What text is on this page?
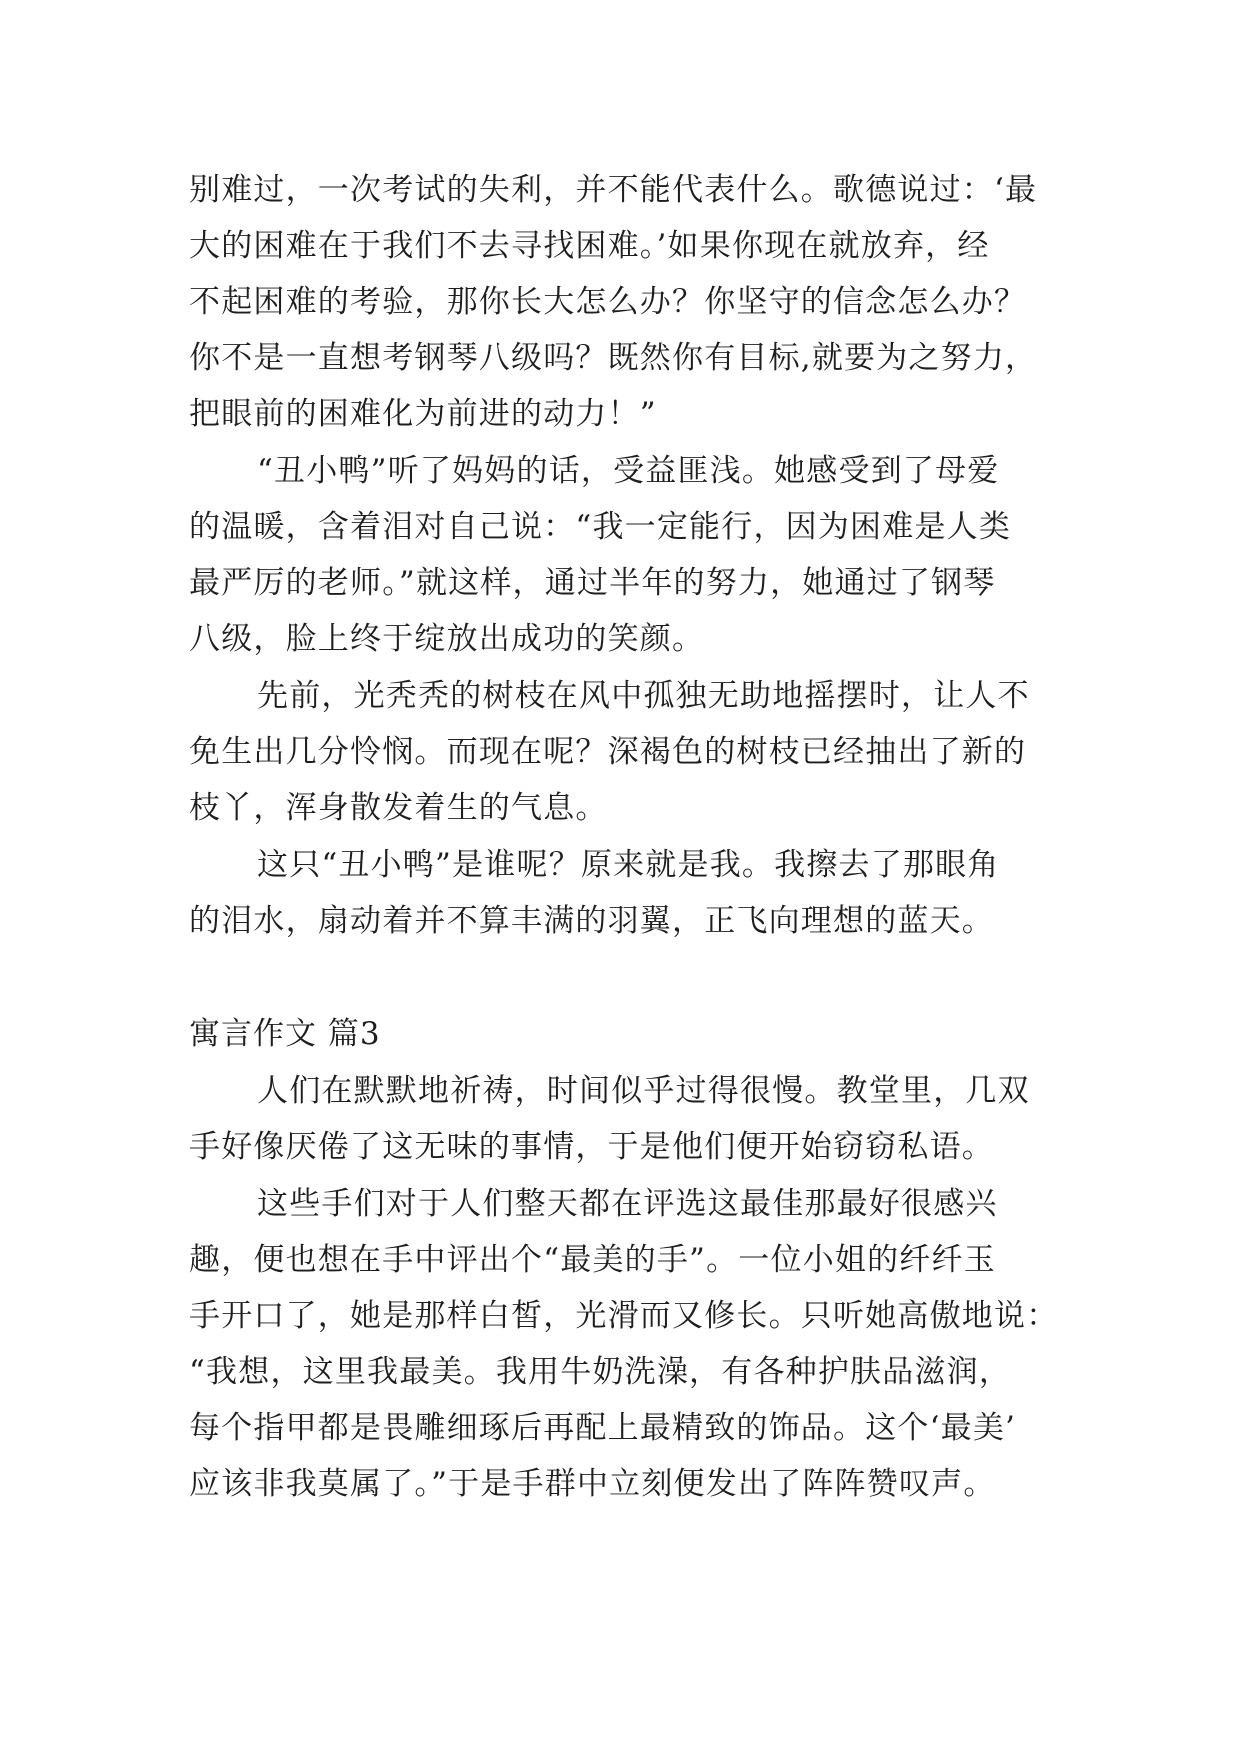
别难过，一次考试的失利，并不能代表什么。歌德说过：‘最
大的困难在于我们不去寻找困难。’如果你现在就放弃，经
不起困难的考验，那你长大怎么办？你坚守的信念怎么办？
你不是一直想考钢琴八级吗？既然你有目标,就要为之努力，
把眼前的困难化为前进的动力！”
“丑小鸭”听了妈妈的话，受益匪浅。她感受到了母爱
的温暖，含着泪对自己说：“我一定能行，因为困难是人类
最严厉的老师。”就这样，通过半年的努力，她通过了钢琴
八级，脸上终于绽放出成功的笑颜。
先前，光秃秃的树枝在风中孤独无助地摇摆时，让人不
免生出几分怜悯。而现在呢？深褐色的树枝已经抽出了新的
枝丫，浑身散发着生的气息。
这只“丑小鸭”是谁呢？原来就是我。我擦去了那眼角
的泪水，扇动着并不算丰满的羽翼，正飞向理想的蓝天。
寓言作文 篇3
人们在默默地祈祷，时间似乎过得很慢。教堂里，几双
手好像厌倦了这无味的事情，于是他们便开始窃窃私语。
这些手们对于人们整天都在评选这最佳那最好很感兴
趣，便也想在手中评出个“最美的手”。一位小姐的纤纤玉
手开口了，她是那样白皙，光滑而又修长。只听她高傲地说：
“我想，这里我最美。我用牛奶洗澡，有各种护肤品滋润，
每个指甲都是畏雕细琢后再配上最精致的饰品。这个‘最美’
应该非我莫属了。”于是手群中立刻便发出了阵阵赞叹声。
